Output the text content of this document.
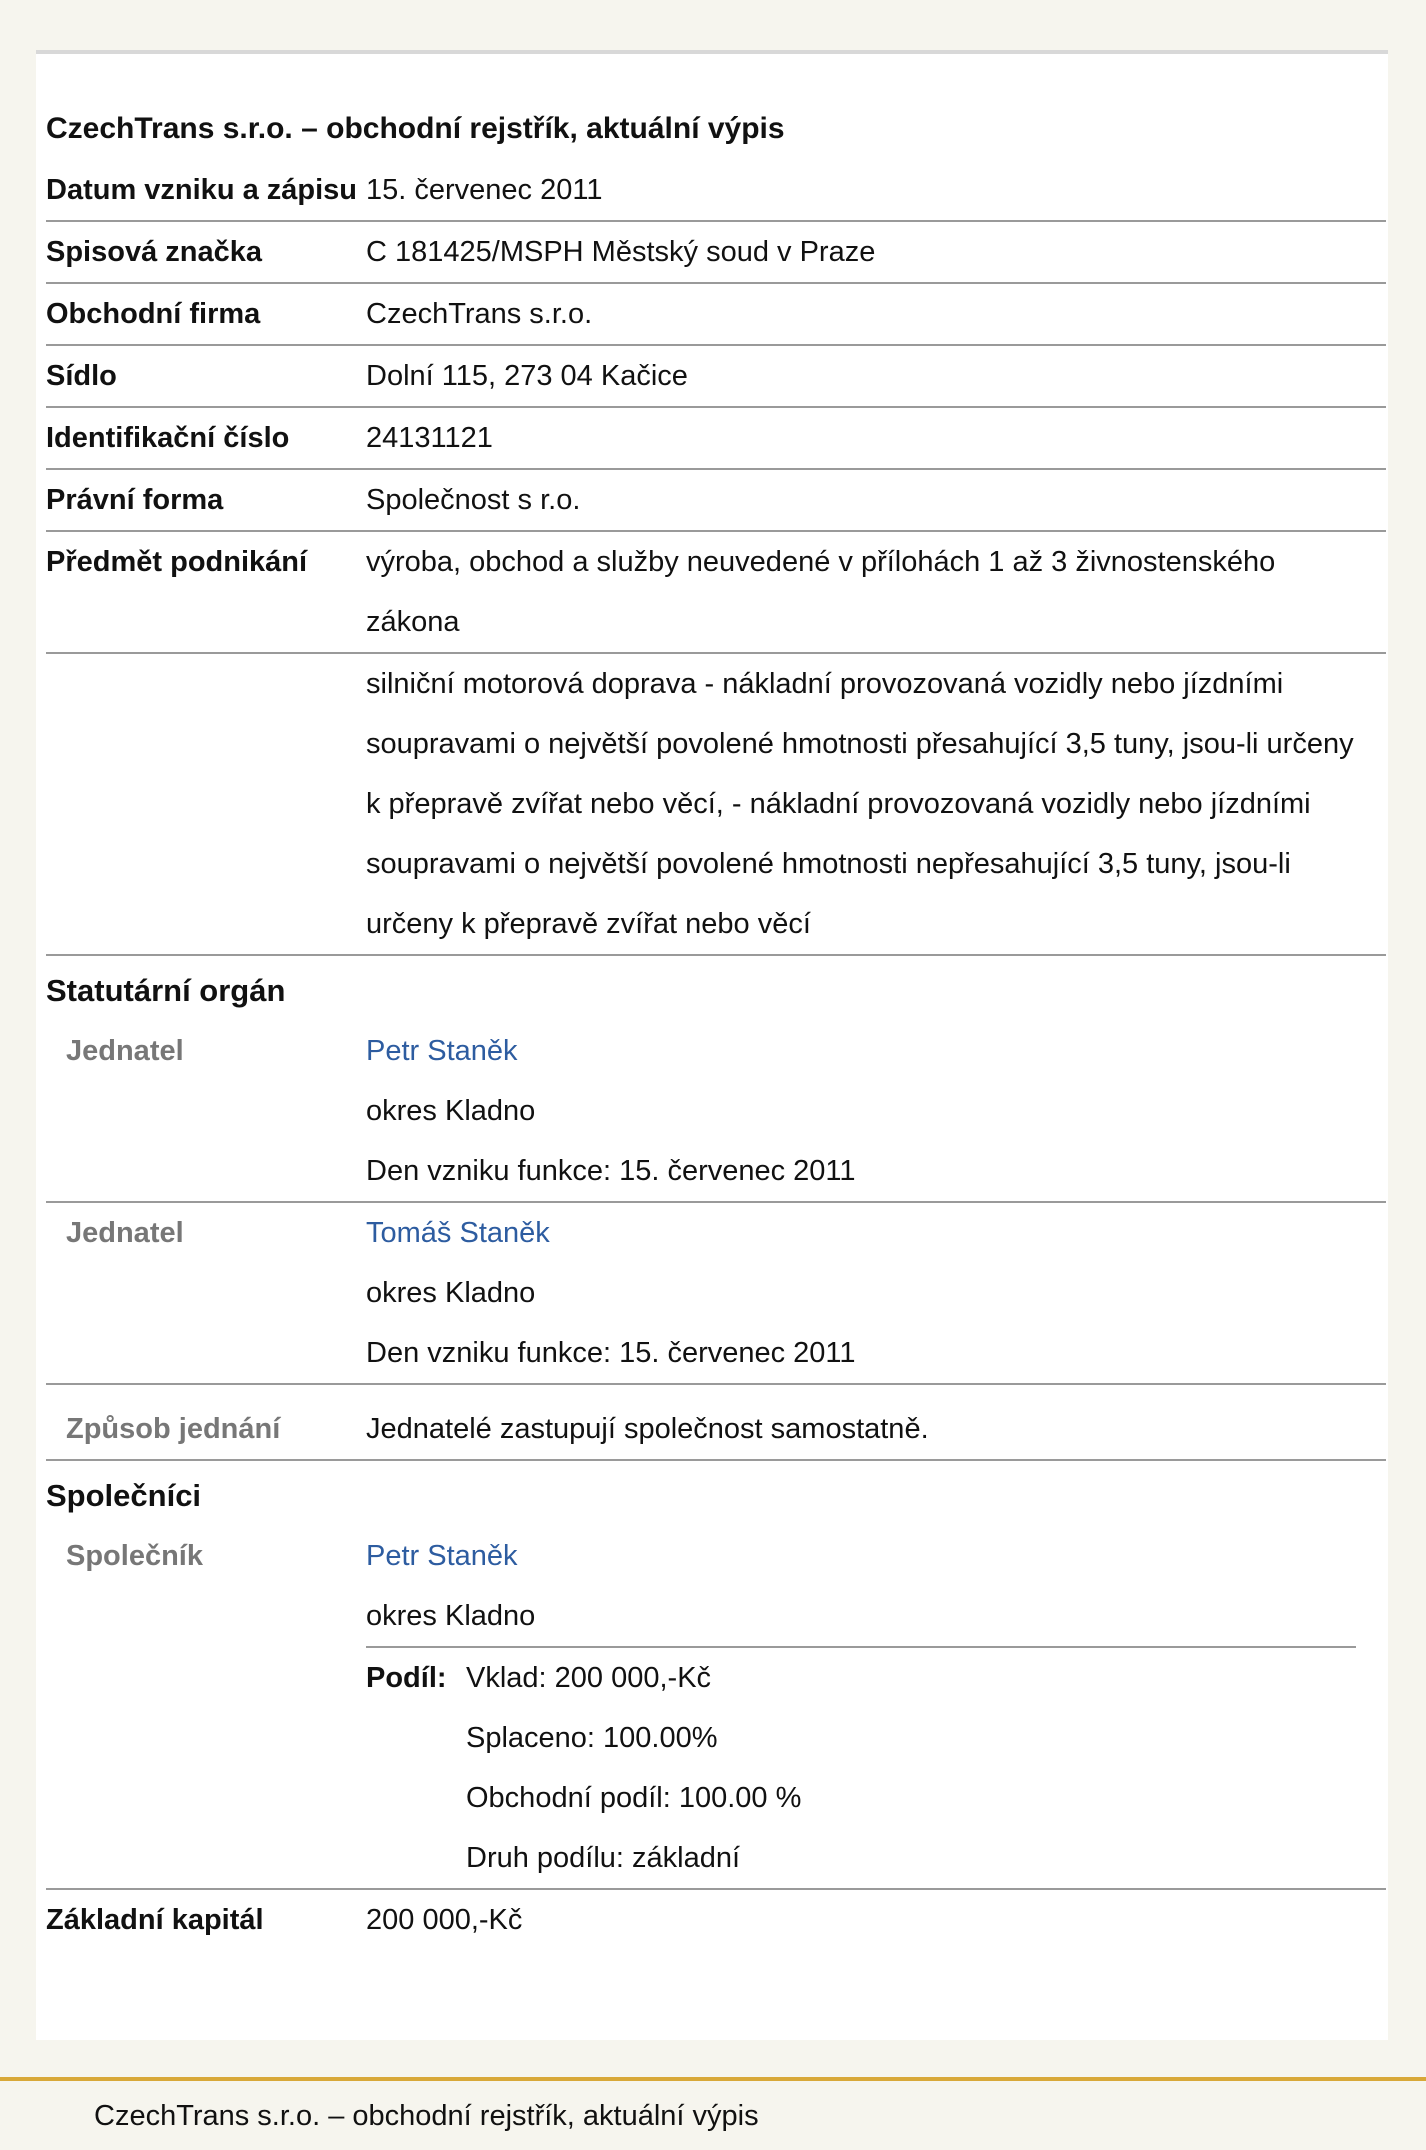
CzechTrans s.r.o. – obchodní rejstřík, aktuální výpis
Datum vzniku a zápisu 15. červenec 2011
Spisová značka	C 181425/MSPH Městský soud v Praze
Obchodní firma	CzechTrans s.r.o.
Sídlo	Dolní 115, 273 04 Kačice
Identifikační číslo	24131121
Právní forma	Společnost s r.o.
Předmět podnikání	výroba, obchod a služby neuvedené v přílohách 1 až 3 živnostenského zákona
silniční motorová doprava - nákladní provozovaná vozidly nebo jízdními soupravami o největší povolené hmotnosti přesahující 3,5 tuny, jsou-li určeny k přepravě zvířat nebo věcí, - nákladní provozovaná vozidly nebo jízdními soupravami o největší povolené hmotnosti nepřesahující 3,5 tuny, jsou-li určeny k přepravě zvířat nebo věcí
Statutární orgán
Jednatel	Petr Staněk
okres Kladno
Den vzniku funkce: 15. červenec 2011
Jednatel	Tomáš Staněk
okres Kladno
Den vzniku funkce: 15. červenec 2011
Způsob jednání	Jednatelé zastupují společnost samostatně.
Společníci
Společník	Petr Staněk
okres Kladno
Podíl: Vklad: 200 000,-Kč
Splaceno: 100.00%
Obchodní podíl: 100.00 %
Druh podílu: základní
Základní kapitál	200 000,-Kč
CzechTrans s.r.o. – obchodní rejstřík, aktuální výpis
